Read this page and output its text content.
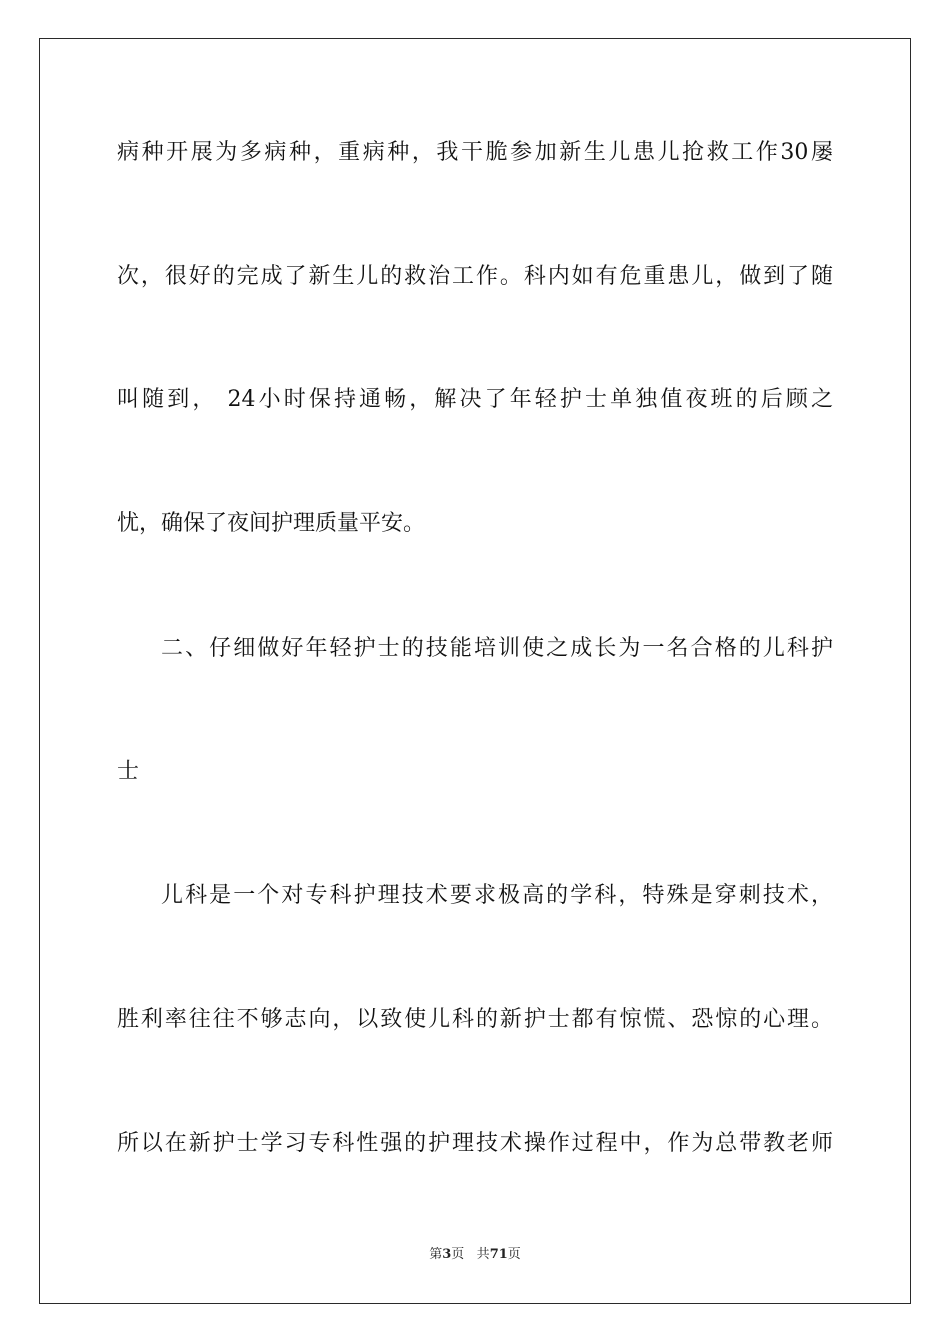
病种开展为多病种，重病种，我干脆参加新生儿患儿抢救工作30屡
次，很好的完成了新生儿的救治工作。科内如有危重患儿，做到了随
叫随到， 24小时保持通畅，解决了年轻护士单独值夜班的后顾之
忧，确保了夜间护理质量平安。
二、仔细做好年轻护士的技能培训使之成长为一名合格的儿科护
士
儿科是一个对专科护理技术要求极高的学科，特殊是穿刺技术，
胜利率往往不够志向，以致使儿科的新护士都有惊慌、恐惊的心理。
所以在新护士学习专科性强的护理技术操作过程中，作为总带教老师
第3页 共71页
